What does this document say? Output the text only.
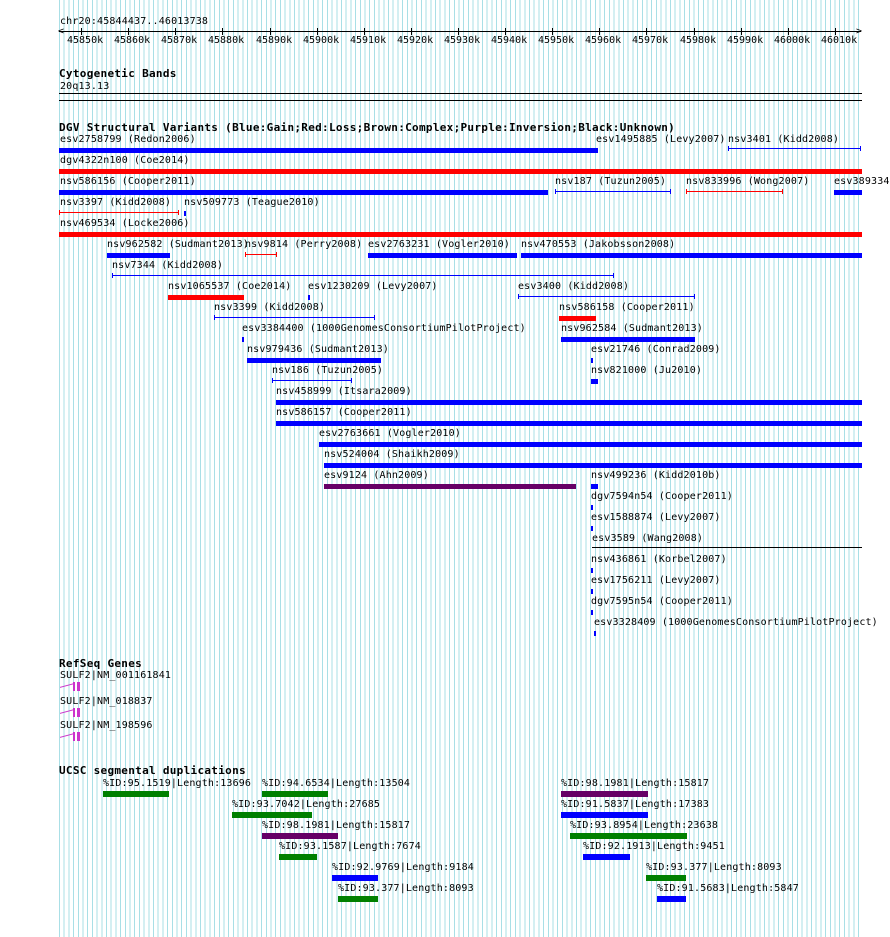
chr20:45844437..46013738
<	>
45850k 45860k 45870k 45880k 45890k 45900k 45910k 45920k 45930k 45940k 45950k 45960k 45970k 45980k 45990k 46000k 46010k
Cytogenetic Bands
20q13.13
DGV Structural Variants (Blue:Gain;Red:Loss;Brown:Complex;Purple:Inversion;Black:Unknown)
esv2758799 (Redon2006)	esv1495885 (Levy2007) nsv3401 (Kidd2008)
dgv4322n100 (Coe2014)
nsv586156 (Cooper2011)	nsv187 (Tuzun2005) nsv833996 (Wong2007) esv389334
nsv3397 (Kidd2008) nsv509773 (Teague2010)
nsv469534 (Locke2006)
nsv962582 (Sudmant2013)
nsv9814 (Perry2008) esv2763231 (Vogler2010) nsv470553 (Jakobsson2008)
nsv7344 (Kidd2008)
nsv1065537 (Coe2014) esv1230209 (Levy2007)	esv3400 (Kidd2008)
nsv3399 (Kidd2008)	nsv586158 (Cooper2011)
esv3384400 (1000GenomesConsortiumPilotProject)	nsv962584 (Sudmant2013)
nsv979436 (Sudmant2013)	esv21746 (Conrad2009)
nsv186 (Tuzun2005)	nsv821000 (Ju2010)
nsv458999 (Itsara2009)
nsv586157 (Cooper2011)
esv2763661 (Vogler2010)
nsv524004 (Shaikh2009)
esv9124 (Ahn2009)	nsv499236 (Kidd2010b)
dgv7594n54 (Cooper2011)
esv1588874 (Levy2007)
esv3589 (Wang2008)
nsv436861 (Korbel2007)
esv1756211 (Levy2007)
dgv7595n54 (Cooper2011)
esv3328409 (1000GenomesConsortiumPilotProject)
RefSeq Genes
SULF2|NM_001161841
SULF2|NM_018837
SULF2|NM_198596
UCSC segmental duplications
%ID:95.1519|Length:13696 %ID:94.6534|Length:13504	%ID:98.1981|Length:15817
%ID:93.7042|Length:27685	%ID:91.5837|Length:17383
%ID:98.1981|Length:15817	%ID:93.8954|Length:23638
%ID:93.1587|Length:7674	%ID:92.1913|Length:9451
%ID:92.9769|Length:9184	%ID:93.377|Length:8093
%ID:93.377|Length:8093	%ID:91.5683|Length:5847
